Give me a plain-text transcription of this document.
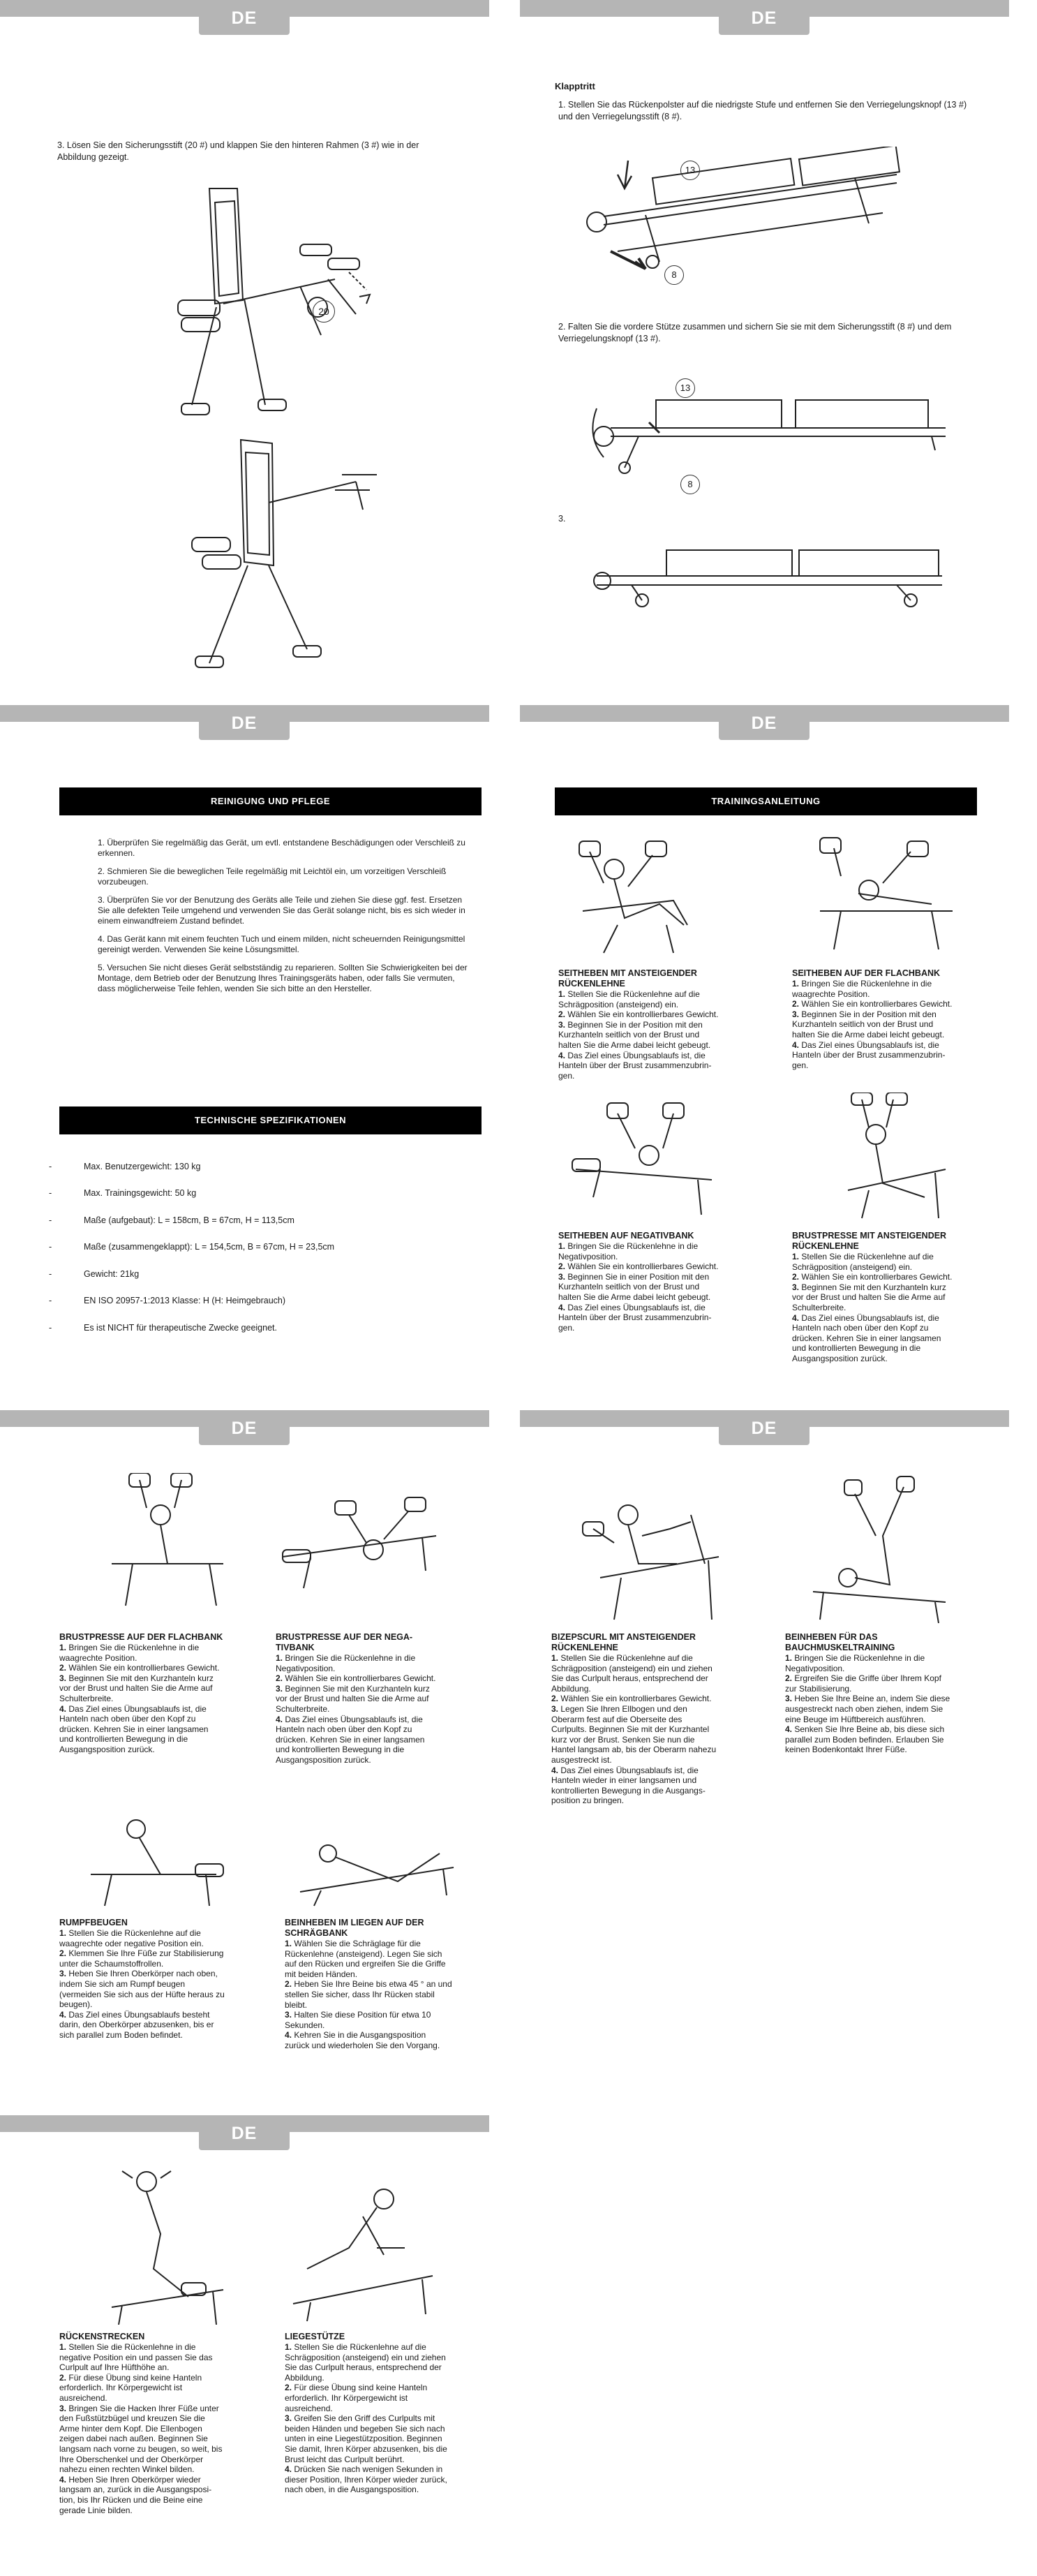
DE
3. Lösen Sie den Sicherungsstift (20 #) und klappen Sie den hinteren Rahmen (3 #) wie in der Abbildung gezeigt.
20
DE
Klapptritt
1. Stellen Sie das Rückenpolster auf die niedrigste Stufe und entfernen Sie den Verriegelungsknopf (13 #) und den Verriegelungsstift (8 #).
13
8
2. Falten Sie die vordere Stütze zusammen und sichern Sie sie mit dem Sicherungsstift (8 #) und dem Verriegelungsknopf (13 #).
13
8
3.
DE
REINIGUNG UND PFLEGE

1. Überprüfen Sie regelmäßig das Gerät, um evtl. entstandene Beschädigungen oder Verschleiß zu erkennen.

2. Schmieren Sie die beweglichen Teile regelmäßig mit Leichtöl ein, um vorzeitigen Verschleiß vorzubeugen.

3. Überprüfen Sie vor der Benutzung des Geräts alle Teile und ziehen Sie diese ggf. fest. Ersetzen Sie alle defekten Teile umgehend und verwenden Sie das Gerät solange nicht, bis es sich wieder in einem einwandfreiem Zustand befindet.

4. Das Gerät kann mit einem feuchten Tuch und einem milden, nicht scheuernden Reinigungsmittel gereinigt werden. Verwenden Sie keine Lösungsmittel.

5. Versuchen Sie nicht dieses Gerät selbstständig zu reparieren. Sollten Sie Schwierigkeiten bei der Montage, dem Betrieb oder der Benutzung Ihres Trainingsgeräts haben, oder falls Sie vermuten, dass möglicherweise Teile fehlen, wenden Sie sich bitte an den Hersteller.

TECHNISCHE SPEZIFIKATIONEN
-	Max. Benutzergewicht: 130 kg
-	Max. Trainingsgewicht: 50 kg
-	Maße (aufgebaut): L = 158cm, B = 67cm, H = 113,5cm
-	Maße (zusammengeklappt): L = 154,5cm, B = 67cm, H = 23,5cm
-	Gewicht: 21kg
-	EN ISO 20957-1:2013 Klasse: H (H: Heimgebrauch)
-	Es ist NICHT für therapeutische Zwecke geeignet.
DE
TRAININGSANLEITUNG
SEITHEBEN MIT ANSTEIGENDER
RÜCKENLEHNE

1. Stellen Sie die Rückenlehne auf die

Schrägposition (ansteigend) ein.

2. Wählen Sie ein kontrollierbares Gewicht.

3. Beginnen Sie in der Position mit den

Kurzhanteln seitlich von der Brust und

halten Sie die Arme dabei leicht gebeugt.

4. Das Ziel eines Übungsablaufs ist, die

Hanteln über der Brust zusammenzubrin-

gen.

SEITHEBEN AUF DER FLACHBANK

1. Bringen Sie die Rückenlehne in die

waagrechte Position.

2. Wählen Sie ein kontrollierbares Gewicht.

3. Beginnen Sie in der Position mit den

Kurzhanteln seitlich von der Brust und

halten Sie die Arme dabei leicht gebeugt.

4. Das Ziel eines Übungsablaufs ist, die

Hanteln über der Brust zusammenzubrin-

gen.

SEITHEBEN AUF NEGATIVBANK

1. Bringen Sie die Rückenlehne in die

Negativposition.

2. Wählen Sie ein kontrollierbares Gewicht.

3. Beginnen Sie in einer Position mit den

Kurzhanteln seitlich von der Brust und

halten Sie die Arme dabei leicht gebeugt.

4. Das Ziel eines Übungsablaufs ist, die

Hanteln über der Brust zusammenzubrin-

gen.

BRUSTPRESSE MIT ANSTEIGENDER
RÜCKENLEHNE

1. Stellen Sie die Rückenlehne auf die

Schrägposition (ansteigend) ein.

2. Wählen Sie ein kontrollierbares Gewicht.

3. Beginnen Sie mit den Kurzhanteln kurz

vor der Brust und halten Sie die Arme auf

Schulterbreite.

4. Das Ziel eines Übungsablaufs ist, die

Hanteln nach oben über den Kopf zu

drücken. Kehren Sie in einer langsamen

und kontrollierten Bewegung in die

Ausgangsposition zurück.

DE
BRUSTPRESSE AUF DER FLACHBANK

1. Bringen Sie die Rückenlehne in die

waagrechte Position.

2. Wählen Sie ein kontrollierbares Gewicht.

3. Beginnen Sie mit den Kurzhanteln kurz

vor der Brust und halten Sie die Arme auf

Schulterbreite.

4. Das Ziel eines Übungsablaufs ist, die

Hanteln nach oben über den Kopf zu

drücken. Kehren Sie in einer langsamen

und kontrollierten Bewegung in die

Ausgangsposition zurück.

BRUSTPRESSE AUF DER NEGA-
TIVBANK

1. Bringen Sie die Rückenlehne in die

Negativposition.

2. Wählen Sie ein kontrollierbares Gewicht.

3. Beginnen Sie mit den Kurzhanteln kurz

vor der Brust und halten Sie die Arme auf

Schulterbreite.

4. Das Ziel eines Übungsablaufs ist, die

Hanteln nach oben über den Kopf zu

drücken. Kehren Sie in einer langsamen

und kontrollierten Bewegung in die

Ausgangsposition zurück.

RUMPFBEUGEN

1. Stellen Sie die Rückenlehne auf die

waagrechte oder negative Position ein.

2. Klemmen Sie Ihre Füße zur Stabilisierung

unter die Schaumstoffrollen.

3. Heben Sie Ihren Oberkörper nach oben,

indem Sie sich am Rumpf beugen

(vermeiden Sie sich aus der Hüfte heraus zu

beugen).

4. Das Ziel eines Übungsablaufs besteht

darin, den Oberkörper abzusenken, bis er

sich parallel zum Boden befindet.

BEINHEBEN IM LIEGEN AUF DER
SCHRÄGBANK

1. Wählen Sie die Schräglage für die

Rückenlehne (ansteigend). Legen Sie sich

auf den Rücken und ergreifen Sie die Griffe

mit beiden Händen.

2. Heben Sie Ihre Beine bis etwa 45 ° an und

stellen Sie sicher, dass Ihr Rücken stabil

bleibt.

3. Halten Sie diese Position für etwa 10

Sekunden.

4. Kehren Sie in die Ausgangsposition

zurück und wiederholen Sie den Vorgang.

DE
BIZEPSCURL MIT ANSTEIGENDER
RÜCKENLEHNE

1. Stellen Sie die Rückenlehne auf die

Schrägposition (ansteigend) ein und ziehen

Sie das Curlpult heraus, entsprechend der

Abbildung.

2. Wählen Sie ein kontrollierbares Gewicht.

3. Legen Sie Ihren Ellbogen und den

Oberarm fest auf die Oberseite des

Curlpults. Beginnen Sie mit der Kurzhantel

kurz vor der Brust. Senken Sie nun die

Hantel langsam ab, bis der Oberarm nahezu

ausgestreckt ist.

4. Das Ziel eines Übungsablaufs ist, die

Hanteln wieder in einer langsamen und

kontrollierten Bewegung in die Ausgangs-

position zu bringen.

BEINHEBEN FÜR DAS
BAUCHMUSKELTRAINING

1. Bringen Sie die Rückenlehne in die

Negativposition.

2. Ergreifen Sie die Griffe über Ihrem Kopf

zur Stabilisierung.

3. Heben Sie Ihre Beine an, indem Sie diese

ausgestreckt nach oben ziehen, indem Sie

eine Beuge im Hüftbereich ausführen.

4. Senken Sie Ihre Beine ab, bis diese sich

parallel zum Boden befinden. Erlauben Sie

keinen Bodenkontakt Ihrer Füße.

DE
RÜCKENSTRECKEN

1. Stellen Sie die Rückenlehne in die

negative Position ein und passen Sie das

Curlpult auf Ihre Hüfthöhe an.

2. Für diese Übung sind keine Hanteln

erforderlich. Ihr Körpergewicht ist

ausreichend.

3. Bringen Sie die Hacken Ihrer Füße unter

den Fußstützbügel und kreuzen Sie die

Arme hinter dem Kopf. Die Ellenbogen

zeigen dabei nach außen. Beginnen Sie

langsam nach vorne zu beugen, so weit, bis

Ihre Oberschenkel und der Oberkörper

nahezu einen rechten Winkel bilden.

4. Heben Sie Ihren Oberkörper wieder

langsam an, zurück in die Ausgangsposi-

tion, bis Ihr Rücken und die Beine eine

gerade Linie bilden.

LIEGESTÜTZE

1. Stellen Sie die Rückenlehne auf die

Schrägposition (ansteigend) ein und ziehen

Sie das Curlpult heraus, entsprechend der

Abbildung.

2. Für diese Übung sind keine Hanteln

erforderlich. Ihr Körpergewicht ist

ausreichend.

3. Greifen Sie den Griff des Curlpults mit

beiden Händen und begeben Sie sich nach

unten in eine Liegestützposition. Beginnen

Sie damit, Ihren Körper abzusenken, bis die

Brust leicht das Curlpult berührt.

4. Drücken Sie nach wenigen Sekunden in

dieser Position, Ihren Körper wieder zurück,

nach oben, in die Ausgangsposition.
